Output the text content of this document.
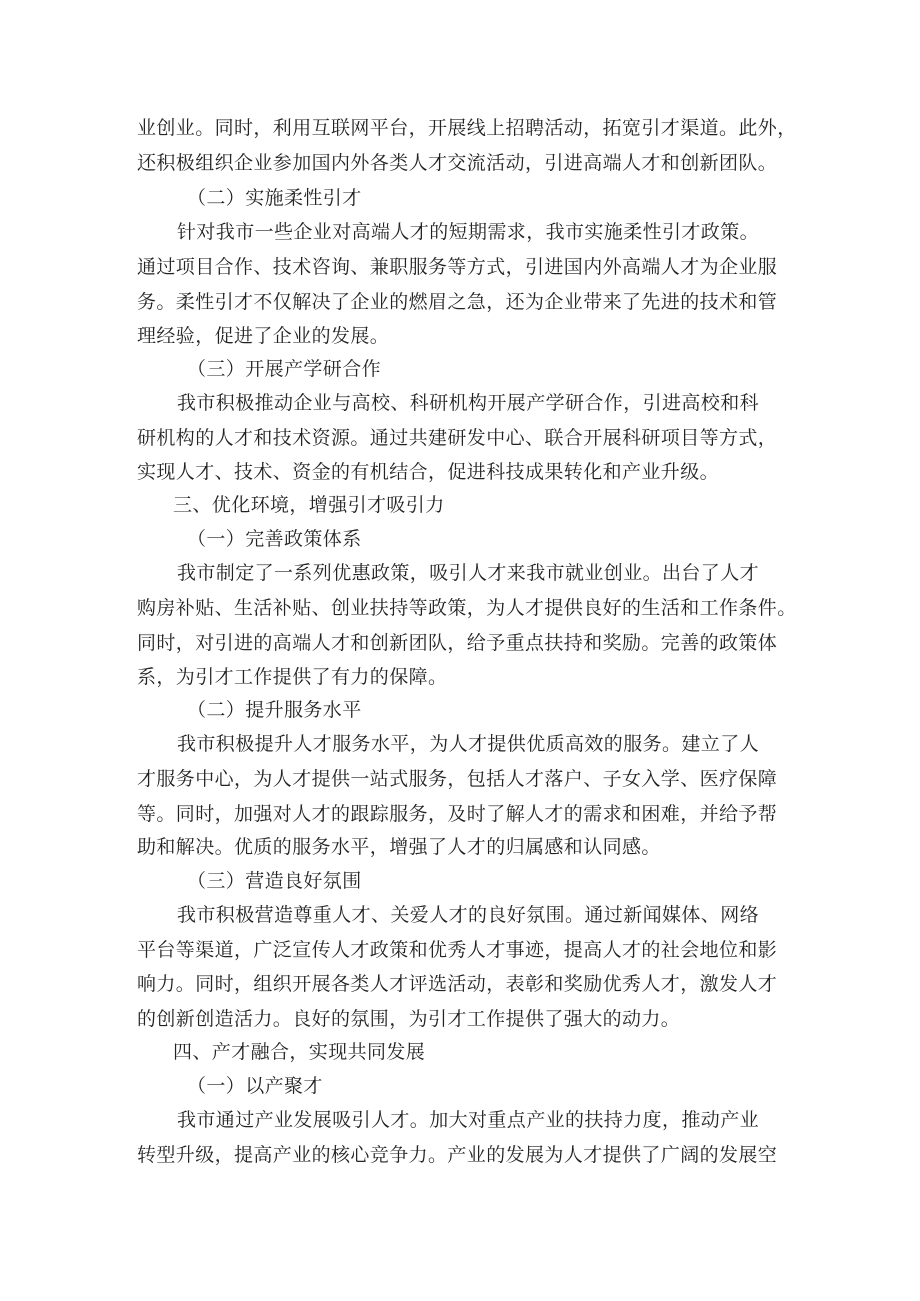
业创业。同时，利用互联网平台，开展线上招聘活动，拓宽引才渠道。此外，
还积极组织企业参加国内外各类人才交流活动，引进高端人才和创新团队。
（二）实施柔性引才
针对我市一些企业对高端人才的短期需求，我市实施柔性引才政策。
通过项目合作、技术咨询、兼职服务等方式，引进国内外高端人才为企业服
务。柔性引才不仅解决了企业的燃眉之急，还为企业带来了先进的技术和管
理经验，促进了企业的发展。
（三）开展产学研合作
我市积极推动企业与高校、科研机构开展产学研合作，引进高校和科
研机构的人才和技术资源。通过共建研发中心、联合开展科研项目等方式，
实现人才、技术、资金的有机结合，促进科技成果转化和产业升级。
三、优化环境，增强引才吸引力
（一）完善政策体系
我市制定了一系列优惠政策，吸引人才来我市就业创业。出台了人才
购房补贴、生活补贴、创业扶持等政策，为人才提供良好的生活和工作条件。
同时，对引进的高端人才和创新团队，给予重点扶持和奖励。完善的政策体
系，为引才工作提供了有力的保障。
（二）提升服务水平
我市积极提升人才服务水平，为人才提供优质高效的服务。建立了人
才服务中心，为人才提供一站式服务，包括人才落户、子女入学、医疗保障
等。同时，加强对人才的跟踪服务，及时了解人才的需求和困难，并给予帮
助和解决。优质的服务水平，增强了人才的归属感和认同感。
（三）营造良好氛围
我市积极营造尊重人才、关爱人才的良好氛围。通过新闻媒体、网络
平台等渠道，广泛宣传人才政策和优秀人才事迹，提高人才的社会地位和影
响力。同时，组织开展各类人才评选活动，表彰和奖励优秀人才，激发人才
的创新创造活力。良好的氛围，为引才工作提供了强大的动力。
四、产才融合，实现共同发展
（一）以产聚才
我市通过产业发展吸引人才。加大对重点产业的扶持力度，推动产业
转型升级，提高产业的核心竞争力。产业的发展为人才提供了广阔的发展空
